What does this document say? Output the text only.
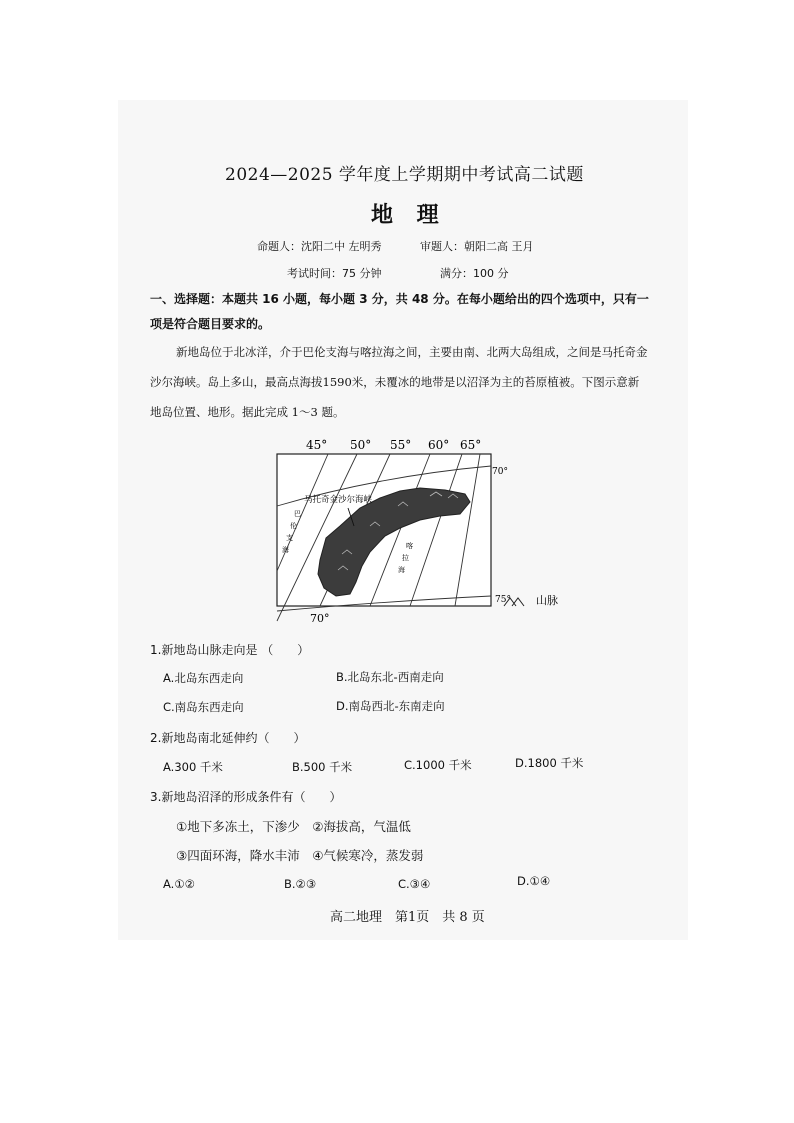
2024—2025 学年度上学期期中考试高二试题
地 理
命题人：沈阳二中 左明秀	审题人：朝阳二高 王月
考试时间：75 分钟	满分：100 分
一、选择题：本题共 16 小题，每小题 3 分，共 48 分。在每小题给出的四个选项中，只有一项是符合题目要求的。
新地岛位于北冰洋，介于巴伦支海与喀拉海之间，主要由南、北两大岛组成，之间是马托奇金沙尔海峡。岛上多山，最高点海拔1590米，未覆冰的地带是以沼泽为主的苔原植被。下图示意新地岛位置、地形。据此完成 1～3 题。
45° 50° 55° 60° 65°
70°
75°
70°
马托奇金沙尔海峡
巴
伦
支
海	喀
拉
海
山脉
1.新地岛山脉走向是 （　　）
A.北岛东西走向	B.北岛东北-西南走向
C.南岛东西走向	D.南岛西北-东南走向
2.新地岛南北延伸约（　　）
A.300 千米	B.500 千米	C.1000 千米	D.1800 千米
3.新地岛沼泽的形成条件有（　　）
①地下多冻土，下渗少　②海拔高，气温低
③四面环海，降水丰沛　④气候寒冷，蒸发弱
A.①②	B.②③	C.③④	D.①④
高二地理　第1页　共 8 页
